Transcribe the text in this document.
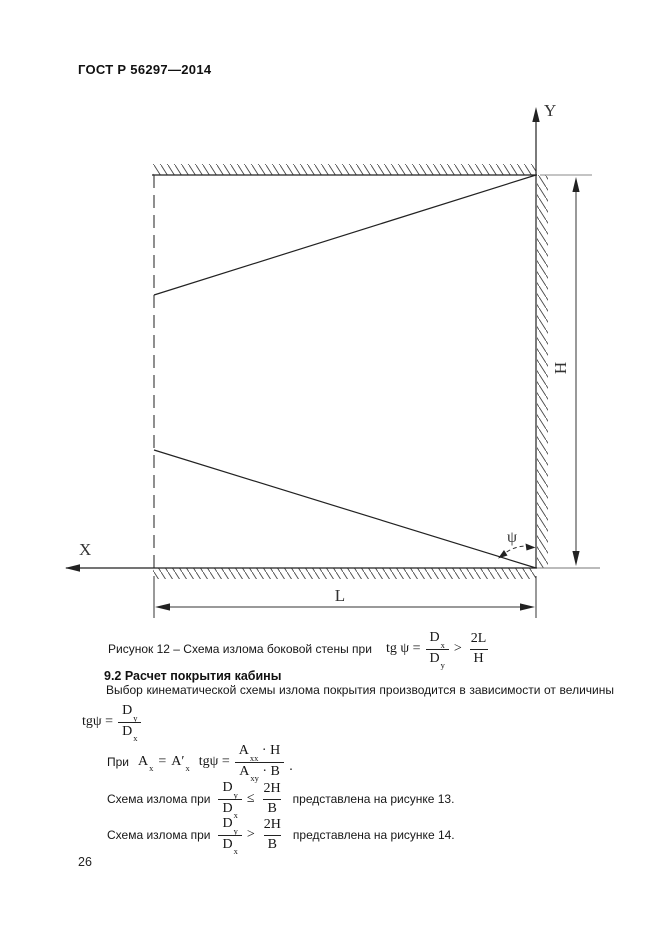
ГОСТ Р 56297—2014
X
Y
H
L
ψ
Рисунок 12 – Схема излома боковой стены при tg $\psi = \frac{D_x}{D_y} > \frac{2L}{H}$
9.2 Расчет покрытия кабины
Выбор кинематической схемы излома покрытия производится в зависимости от величины
$tg\psi = \frac{D_y}{D_x}$
При $A_x = A'_x$ $tg\psi = \frac{A_{xx} \cdot H}{A_{xy} \cdot B}$ .
Схема излома при $\frac{D_y}{D_x} \le \frac{2H}{B}$ представлена на рисунке 13.
Схема излома при $\frac{D_y}{D_x} > \frac{2H}{B}$ представлена на рисунке 14.
26
